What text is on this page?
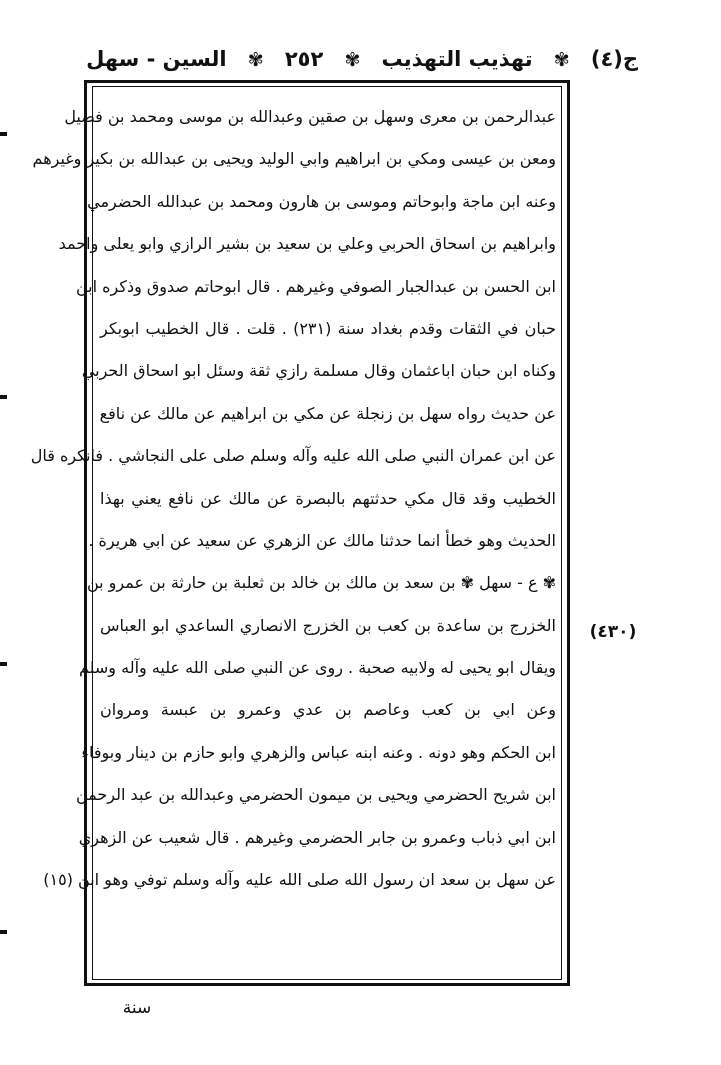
ج(٤)
✾
تهذيب التهذيب
✾
٢٥٢
✾
السين - سهل
عبدالرحمن بن معرى وسهل بن صقين وعبدالله بن موسى ومحمد بن فضيل
ومعن بن عيسى ومكي بن ابراهيم وابي الوليد ويحيى بن عبدالله بن بكير وغيرهم
وعنه ابن ماجة وابوحاتم وموسى بن هارون ومحمد بن عبدالله الحضرمي
وابراهيم بن اسحاق الحربي وعلي بن سعيد بن بشير الرازي وابو يعلى واحمد
ابن الحسن بن عبدالجبار الصوفي وغيرهم . قال ابوحاتم صدوق وذكره ابن
حبان في الثقات وقدم بغداد سنة (٢٣١) . قلت . قال الخطيب ابوبكر
وكناه ابن حبان اباعثمان وقال مسلمة رازي ثقة وسئل ابو اسحاق الحربي
عن حديث رواه سهل بن زنجلة عن مكي بن ابراهيم عن مالك عن نافع
عن ابن عمران النبي صلى الله عليه وآله وسلم صلى على النجاشي . فانكره قال
الخطيب وقد قال مكي حدثتهم بالبصرة عن مالك عن نافع يعني بهذا
الحديث وهو خطأ انما حدثنا مالك عن الزهري عن سعيد عن ابي هريرة .
✾ ع - سهل ✾ بن سعد بن مالك بن خالد بن ثعلبة بن حارثة بن عمرو بن
الخزرج بن ساعدة بن كعب بن الخزرج الانصاري الساعدي ابو العباس
ويقال ابو يحيى له ولابيه صحبة . روى عن النبي صلى الله عليه وآله وسلم
وعن ابي بن كعب وعاصم بن عدي وعمرو بن عبسة ومروان
ابن الحكم وهو دونه . وعنه ابنه عباس والزهري وابو حازم بن دينار وبوفاء
ابن شريح الحضرمي ويحيى بن ميمون الحضرمي وعبدالله بن عبد الرحمن
ابن ابي ذباب وعمرو بن جابر الحضرمي وغيرهم . قال شعيب عن الزهري
عن سهل بن سعد ان رسول الله صلى الله عليه وآله وسلم توفي وهو ابن (١٥)
(٤٣٠)
سنة
